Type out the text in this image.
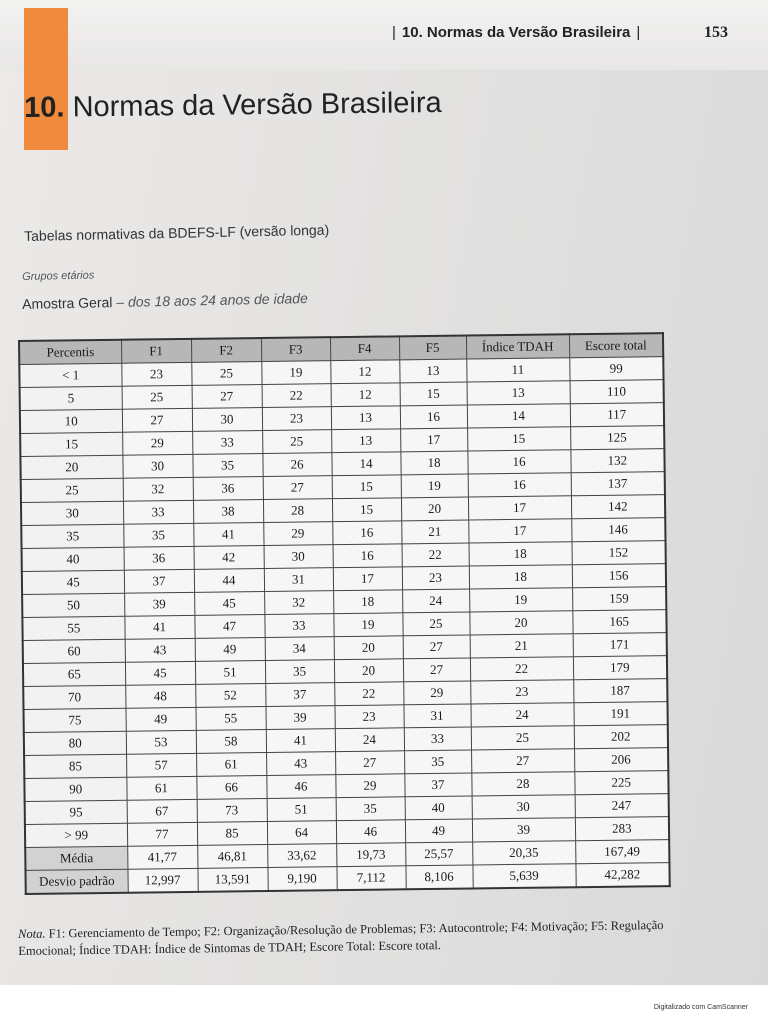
| 10. Normas da Versão Brasileira |	153
10. Normas da Versão Brasileira
Tabelas normativas da BDEFS-LF (versão longa)
Grupos etários
Amostra Geral – dos 18 aos 24 anos de idade
Percentis	F1	F2	F3	F4	F5	Índice TDAH	Escore total
< 1	23	25	19	12	13	11	99
5	25	27	22	12	15	13	110
10	27	30	23	13	16	14	117
15	29	33	25	13	17	15	125
20	30	35	26	14	18	16	132
25	32	36	27	15	19	16	137
30	33	38	28	15	20	17	142
35	35	41	29	16	21	17	146
40	36	42	30	16	22	18	152
45	37	44	31	17	23	18	156
50	39	45	32	18	24	19	159
55	41	47	33	19	25	20	165
60	43	49	34	20	27	21	171
65	45	51	35	20	27	22	179
70	48	52	37	22	29	23	187
75	49	55	39	23	31	24	191
80	53	58	41	24	33	25	202
85	57	61	43	27	35	27	206
90	61	66	46	29	37	28	225
95	67	73	51	35	40	30	247
> 99	77	85	64	46	49	39	283
Média	41,77	46,81	33,62	19,73	25,57	20,35	167,49
Desvio padrão	12,997	13,591	9,190	7,112	8,106	5,639	42,282
Nota. F1: Gerenciamento de Tempo; F2: Organização/Resolução de Problemas; F3: Autocontrole; F4: Motivação; F5: Regulação Emocional; Índice TDAH: Índice de Sintomas de TDAH; Escore Total: Escore total.
Digitalizado com CamScanner
